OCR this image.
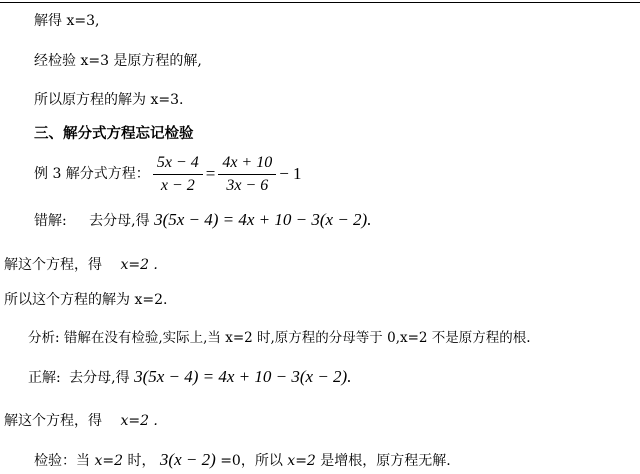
解得 x=3,
经检验 x=3 是原方程的解,
所以原方程的解为 x=3.
三、解分式方程忘记检验
例 3 解分式方程： $\frac{5x - 4}{x - 2} = \frac{4x + 10}{3x - 6} - 1$
错解: 去分母,得 3(5x − 4) = 4x + 10 − 3(x − 2).
解这个方程，得 x=2 .
所以这个方程的解为 x=2.
分析: 错解在没有检验,实际上,当 x=2 时,原方程的分母等于 0,x=2 不是原方程的根.
正解: 去分母,得 3(5x − 4) = 4x + 10 − 3(x − 2).
解这个方程，得 x=2 .
检验：当 x=2 时， 3(x − 2) =0，所以 x=2 是增根，原方程无解.
